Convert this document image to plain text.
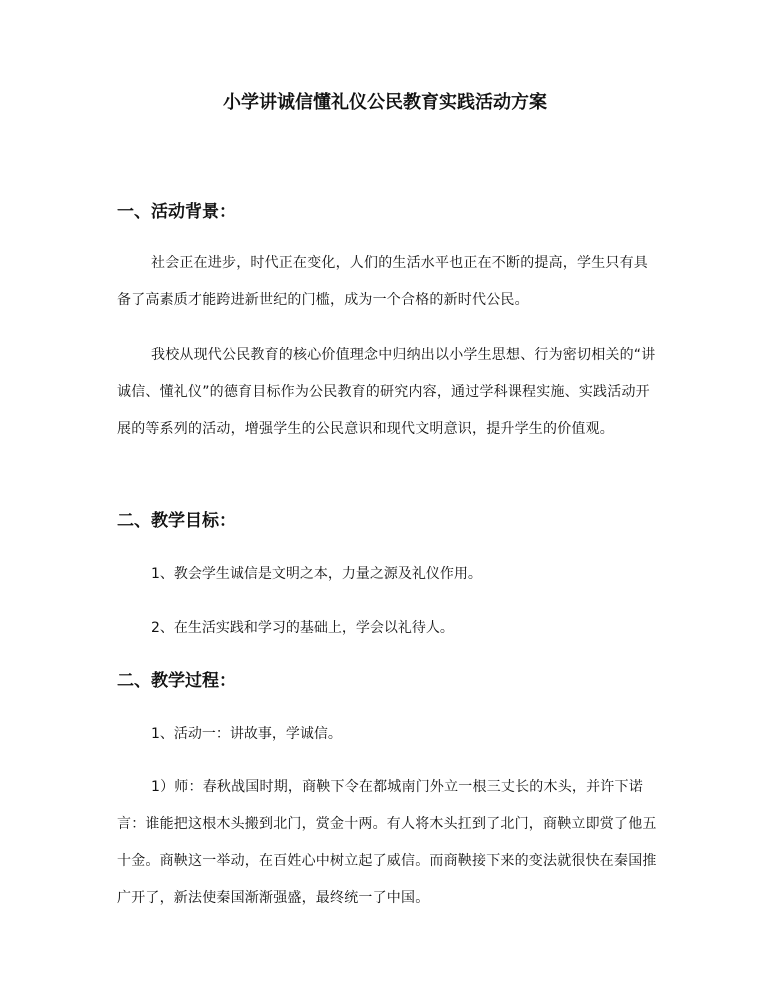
小学讲诚信懂礼仪公民教育实践活动方案
一、活动背景：
社会正在进步，时代正在变化，人们的生活水平也正在不断的提高，学生只有具备了高素质才能跨进新世纪的门槛，成为一个合格的新时代公民。
我校从现代公民教育的核心价值理念中归纳出以小学生思想、行为密切相关的“讲诚信、懂礼仪”的德育目标作为公民教育的研究内容，通过学科课程实施、实践活动开展的等系列的活动，增强学生的公民意识和现代文明意识，提升学生的价值观。
二、教学目标：
1、教会学生诚信是文明之本，力量之源及礼仪作用。
2、在生活实践和学习的基础上，学会以礼待人。
二、教学过程：
1、活动一：讲故事，学诚信。
1）师：春秋战国时期，商鞅下令在都城南门外立一根三丈长的木头，并许下诺言：谁能把这根木头搬到北门，赏金十两。有人将木头扛到了北门，商鞅立即赏了他五十金。商鞅这一举动，在百姓心中树立起了威信。而商鞅接下来的变法就很快在秦国推广开了，新法使秦国渐渐强盛，最终统一了中国。
